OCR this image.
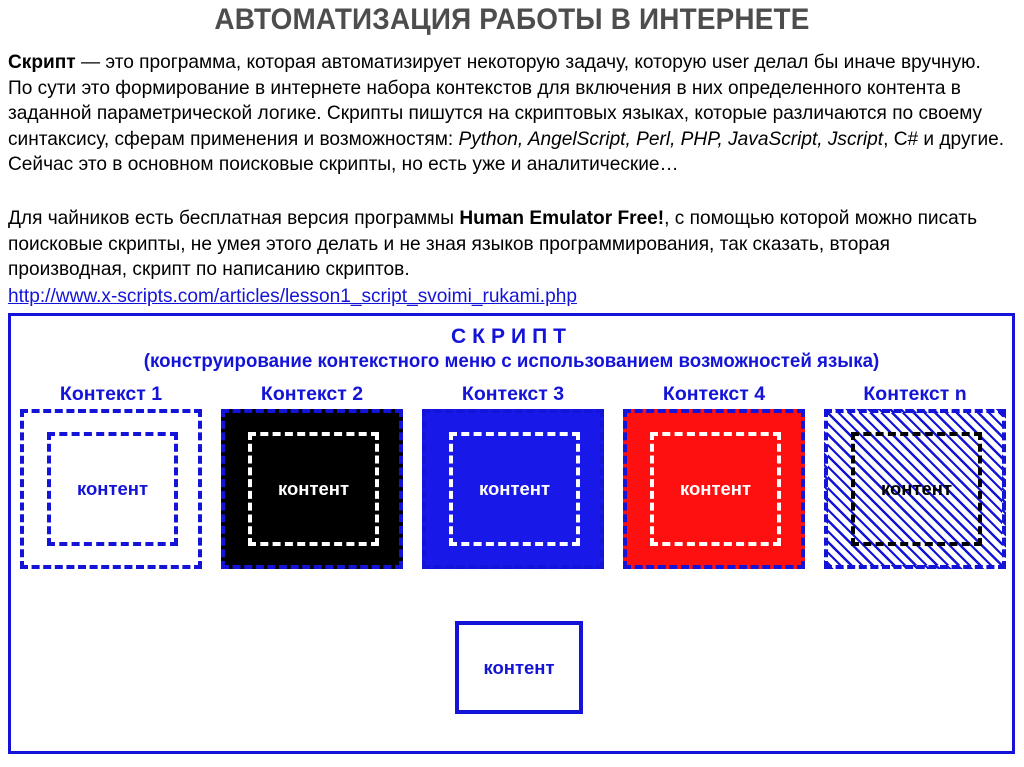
АВТОМАТИЗАЦИЯ РАБОТЫ В ИНТЕРНЕТЕ
Скрипт — это программа, которая автоматизирует некоторую задачу, которую user делал бы иначе вручную. По сути это формирование в интернете набора контекстов для включения в них определенного контента в заданной параметрической логике. Скрипты пишутся на скриптовых языках, которые различаются по своему синтаксису, сферам применения и возможностям: Python, AngelScript, Perl, PHP, JavaScript, Jscript, C# и другие. Сейчас это в основном поисковые скрипты, но есть уже и аналитические…
Для чайников есть бесплатная версия программы Human Emulator Free!, с помощью которой можно писать поисковые скрипты, не умея этого делать и не зная языков программирования, так сказать, вторая производная, скрипт по написанию скриптов.
http://www.x-scripts.com/articles/lesson1_script_svoimi_rukami.php
СКРИПТ
(конструирование контекстного меню с использованием возможностей языка)
Контекст 1	Контекст 2	Контекст 3	Контекст 4	Контекст n
контент	контент	контент	контент	контент
контент
